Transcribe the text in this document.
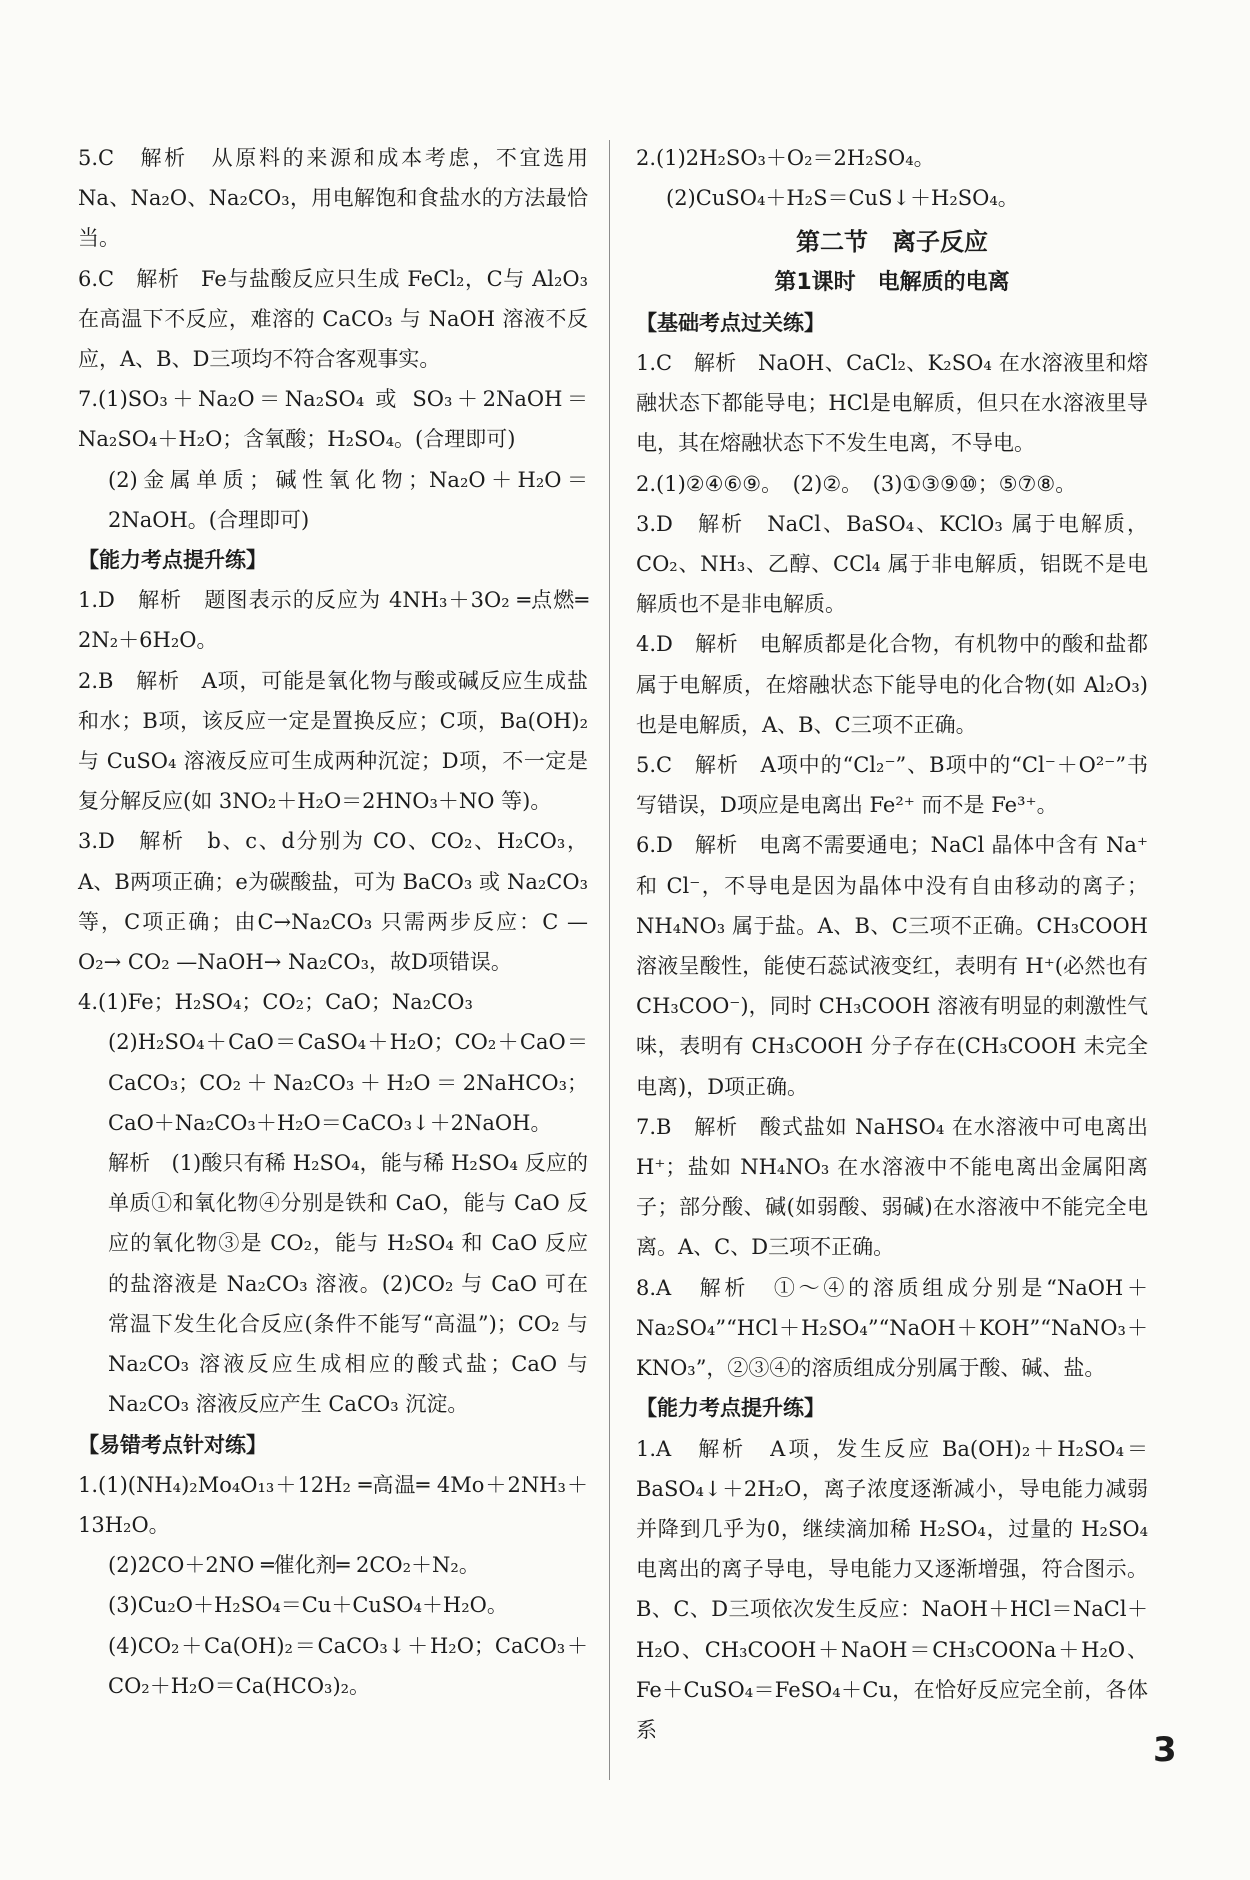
5.C　解析　从原料的来源和成本考虑，不宜选用 Na、Na₂O、Na₂CO₃，用电解饱和食盐水的方法最恰当。

6.C　解析　Fe与盐酸反应只生成 FeCl₂，C与 Al₂O₃ 在高温下不反应，难溶的 CaCO₃ 与 NaOH 溶液不反应，A、B、D三项均不符合客观事实。

7.(1)SO₃＋Na₂O＝Na₂SO₄ 或 SO₃＋2NaOH＝Na₂SO₄＋H₂O；含氧酸；H₂SO₄。(合理即可)

(2)金属单质；碱性氧化物；Na₂O＋H₂O＝2NaOH。(合理即可)

【能力考点提升练】

1.D　解析　题图表示的反应为 4NH₃＋3O₂ ═点燃═ 2N₂＋6H₂O。

2.B　解析　A项，可能是氧化物与酸或碱反应生成盐和水；B项，该反应一定是置换反应；C项，Ba(OH)₂ 与 CuSO₄ 溶液反应可生成两种沉淀；D项，不一定是复分解反应(如 3NO₂＋H₂O＝2HNO₃＋NO 等)。

3.D　解析　b、c、d分别为 CO、CO₂、H₂CO₃，A、B两项正确；e为碳酸盐，可为 BaCO₃ 或 Na₂CO₃ 等，C项正确；由C→Na₂CO₃ 只需两步反应：C —O₂→ CO₂ —NaOH→ Na₂CO₃，故D项错误。

4.(1)Fe；H₂SO₄；CO₂；CaO；Na₂CO₃

(2)H₂SO₄＋CaO＝CaSO₄＋H₂O；CO₂＋CaO＝CaCO₃；CO₂＋Na₂CO₃＋H₂O＝2NaHCO₃；CaO＋Na₂CO₃＋H₂O＝CaCO₃↓＋2NaOH。

解析　(1)酸只有稀 H₂SO₄，能与稀 H₂SO₄ 反应的单质①和氧化物④分别是铁和 CaO，能与 CaO 反应的氧化物③是 CO₂，能与 H₂SO₄ 和 CaO 反应的盐溶液是 Na₂CO₃ 溶液。(2)CO₂ 与 CaO 可在常温下发生化合反应(条件不能写“高温”)；CO₂ 与 Na₂CO₃ 溶液反应生成相应的酸式盐；CaO 与 Na₂CO₃ 溶液反应产生 CaCO₃ 沉淀。

【易错考点针对练】

1.(1)(NH₄)₂Mo₄O₁₃＋12H₂ ═高温═ 4Mo＋2NH₃＋13H₂O。

(2)2CO＋2NO ═催化剂═ 2CO₂＋N₂。

(3)Cu₂O＋H₂SO₄＝Cu＋CuSO₄＋H₂O。

(4)CO₂＋Ca(OH)₂＝CaCO₃↓＋H₂O；CaCO₃＋CO₂＋H₂O＝Ca(HCO₃)₂。

2.(1)2H₂SO₃＋O₂＝2H₂SO₄。

(2)CuSO₄＋H₂S＝CuS↓＋H₂SO₄。

第二节　离子反应

第1课时　电解质的电离

【基础考点过关练】

1.C　解析　NaOH、CaCl₂、K₂SO₄ 在水溶液里和熔融状态下都能导电；HCl是电解质，但只在水溶液里导电，其在熔融状态下不发生电离，不导电。

2.(1)②④⑥⑨。　(2)②。　(3)①③⑨⑩；⑤⑦⑧。

3.D　解析　NaCl、BaSO₄、KClO₃ 属于电解质，CO₂、NH₃、乙醇、CCl₄ 属于非电解质，铝既不是电解质也不是非电解质。

4.D　解析　电解质都是化合物，有机物中的酸和盐都属于电解质，在熔融状态下能导电的化合物(如 Al₂O₃)也是电解质，A、B、C三项不正确。

5.C　解析　A项中的“Cl₂⁻”、B项中的“Cl⁻＋O²⁻”书写错误，D项应是电离出 Fe²⁺ 而不是 Fe³⁺。

6.D　解析　电离不需要通电；NaCl 晶体中含有 Na⁺ 和 Cl⁻，不导电是因为晶体中没有自由移动的离子；NH₄NO₃ 属于盐。A、B、C三项不正确。CH₃COOH 溶液呈酸性，能使石蕊试液变红，表明有 H⁺(必然也有 CH₃COO⁻)，同时 CH₃COOH 溶液有明显的刺激性气味，表明有 CH₃COOH 分子存在(CH₃COOH 未完全电离)，D项正确。

7.B　解析　酸式盐如 NaHSO₄ 在水溶液中可电离出 H⁺；盐如 NH₄NO₃ 在水溶液中不能电离出金属阳离子；部分酸、碱(如弱酸、弱碱)在水溶液中不能完全电离。A、C、D三项不正确。

8.A　解析　①～④的溶质组成分别是“NaOH＋Na₂SO₄”“HCl＋H₂SO₄”“NaOH＋KOH”“NaNO₃＋KNO₃”，②③④的溶质组成分别属于酸、碱、盐。

【能力考点提升练】

1.A　解析　A项，发生反应 Ba(OH)₂＋H₂SO₄＝BaSO₄↓＋2H₂O，离子浓度逐渐减小，导电能力减弱并降到几乎为0，继续滴加稀 H₂SO₄，过量的 H₂SO₄ 电离出的离子导电，导电能力又逐渐增强，符合图示。B、C、D三项依次发生反应：NaOH＋HCl＝NaCl＋H₂O、CH₃COOH＋NaOH＝CH₃COONa＋H₂O、Fe＋CuSO₄＝FeSO₄＋Cu，在恰好反应完全前，各体系

3
